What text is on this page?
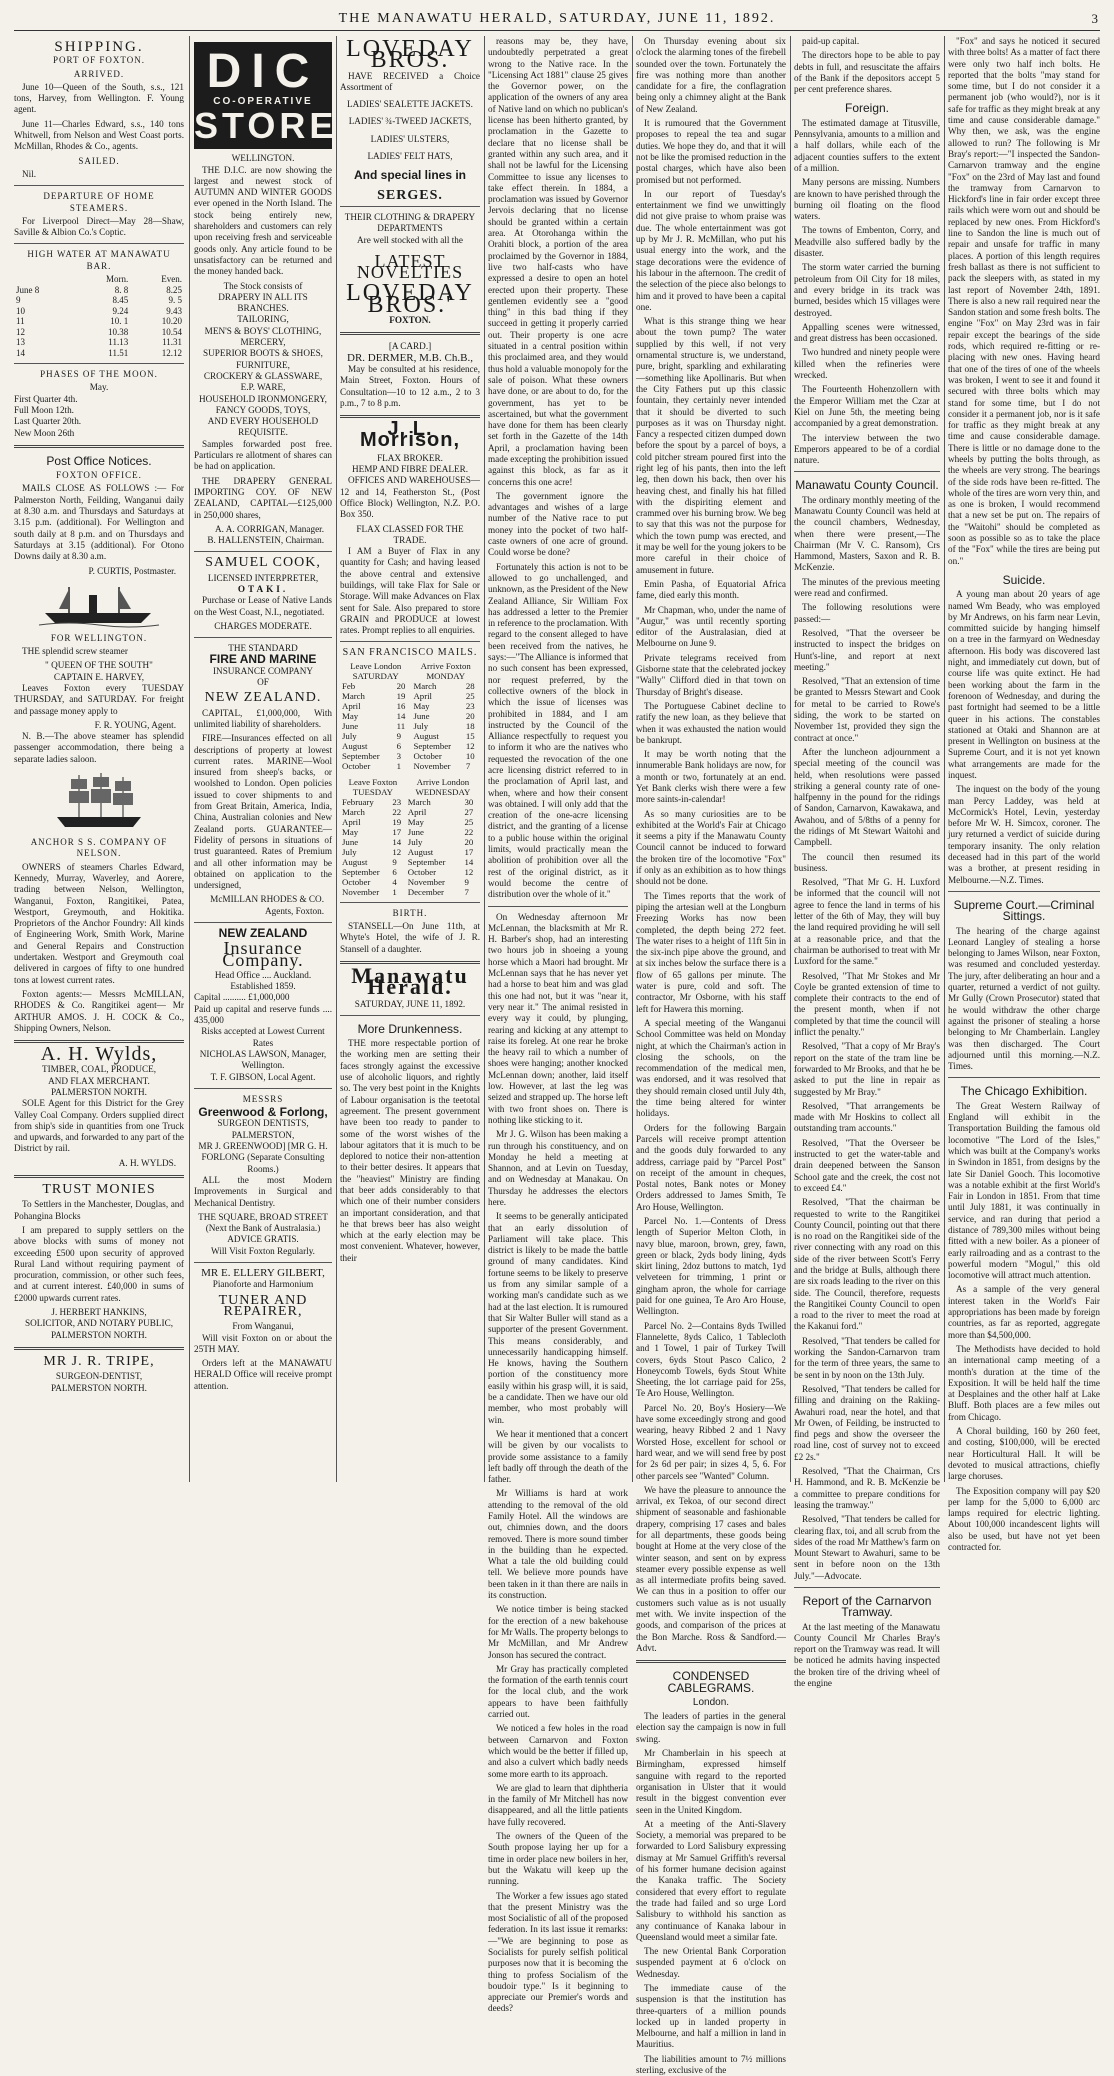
THE MANAWATU HERALD, SATURDAY, JUNE 11, 1892.	3
SHIPPING.
PORT OF FOXTON.
ARRIVED.

June 10—Queen of the South, s.s., 121 tons, Harvey, from Wellington. F. Young agent.

June 11—Charles Edward, s.s., 140 tons Whitwell, from Nelson and West Coast ports. McMillan, Rhodes & Co., agents.

SAILED.

Nil.

DEPARTURE OF HOME STEAMERS.

For Liverpool Direct—May 28—Shaw, Saville & Albion Co.'s Coptic.

HIGH WATER AT MANAWATU BAR.
	Morn.	Even.
June 8	8. 8	8.25
9	8.45	9. 5
10	9.24	9.43
11	10. 1	10.20
12	10.38	10.54
13	11.13	11.31
14	11.51	12.12
PHASES OF THE MOON.
May.
First Quarter 4th.
Full Moon 12th.
Last Quarter 20th.
New Moon 26th
Post Office Notices.
FOXTON OFFICE.

MAILS CLOSE AS FOLLOWS :— For Palmerston North, Feilding, Wanganui daily at 8.30 a.m. and Thursdays and Saturdays at 3.15 p.m. (additional). For Wellington and south daily at 8 p.m. and on Thursdays and Saturdays at 3.15 (additional). For Otono Downs daily at 8.30 a.m.

P. CURTIS, Postmaster.
FOR WELLINGTON.

THE splendid screw steamer

" QUEEN OF THE SOUTH"
CAPTAIN E. HARVEY,

Leaves Foxton every TUESDAY THURSDAY, and SATURDAY. For freight and passage money apply to

F. R. YOUNG, Agent.

N. B.—The above steamer has splendid passenger accommodation, there being a separate ladies saloon.

ANCHOR S S. COMPANY OF NELSON.

OWNERS of steamers Charles Edward, Kennedy, Murray, Waverley, and Aorere, trading between Nelson, Wellington, Wanganui, Foxton, Rangitikei, Patea, Westport, Greymouth, and Hokitika. Proprietors of the Anchor Foundry: All kinds of Engineering Work, Smith Work, Marine and General Repairs and Construction undertaken. Westport and Greymouth coal delivered in cargoes of fifty to one hundred tons at lowest current rates.

Foxton agents:— Messrs McMILLAN, RHODES & Co. Rangitikei agent— Mr ARTHUR AMOS. J. H. COCK & Co., Shipping Owners, Nelson.

A. H. Wylds,
TIMBER, COAL, PRODUCE,
AND FLAX MERCHANT.
PALMERSTON NORTH.

SOLE Agent for this District for the Grey Valley Coal Company. Orders supplied direct from ship's side in quantities from one Truck and upwards, and forwarded to any part of the District by rail.

A. H. WYLDS.
TRUST MONIES

To Settlers in the Manchester, Douglas, and Pohangina Blocks

I am prepared to supply settlers on the above blocks with sums of money not exceeding £500 upon security of approved Rural Land without requiring payment of procuration, commission, or other such fees, and at current interest. £40,000 in sums of £2000 upwards current rates.

J. HERBERT HANKINS,
SOLICITOR, AND NOTARY PUBLIC, PALMERSTON NORTH.
MR J. R. TRIPE,
SURGEON-DENTIST,
PALMERSTON NORTH.
DIC
CO-OPERATIVE
STORES
WELLINGTON.

THE D.I.C. are now showing the largest and newest stock of AUTUMN AND WINTER GOODS ever opened in the North Island. The stock being entirely new, shareholders and customers can rely upon receiving fresh and serviceable goods only. Any article found to be unsatisfactory can be returned and the money handed back.

The Stock consists of
DRAPERY IN ALL ITS BRANCHES.
TAILORING,
MEN'S & BOYS' CLOTHING,
MERCERY,
SUPERIOR BOOTS & SHOES,
FURNITURE,
CROCKERY & GLASSWARE,
E.P. WARE,
HOUSEHOLD IRONMONGERY,
FANCY GOODS, TOYS,
AND EVERY HOUSEHOLD REQUISITE.

Samples forwarded post free. Particulars re allotment of shares can be had on application.

THE DRAPERY GENERAL IMPORTING COY. OF NEW ZEALAND, CAPITAL—£125,000 in 250,000 shares,

A. A. CORRIGAN, Manager.
B. HALLENSTEIN, Chairman.
SAMUEL COOK,
LICENSED INTERPRETER,
OTAKI.

Purchase or Lease of Native Lands on the West Coast, N.I., negotiated.

CHARGES MODERATE.
THE STANDARD
FIRE AND MARINE
INSURANCE COMPANY
OF
NEW ZEALAND.

CAPITAL, £1,000,000, With unlimited liability of shareholders.

FIRE—Insurances effected on all descriptions of property at lowest current rates. MARINE—Wool insured from sheep's backs, or woolshed to London. Open policies issued to cover shipments to and from Great Britain, America, India, China, Australian colonies and New Zealand ports. GUARANTEE—Fidelity of persons in situations of trust guaranteed. Rates of Premium and all other information may be obtained on application to the undersigned,

McMILLAN RHODES & CO. Agents, Foxton.
NEW ZEALAND
Insurance Company.
Head Office .... Auckland.
Established 1859.
Capital .......... £1,000,000
Paid up capital and reserve funds .... 435,000
Risks accepted at Lowest Current Rates
NICHOLAS LAWSON, Manager, Wellington.
T. F. GIBSON, Local Agent.
MESSRS
Greenwood & Forlong,
SURGEON DENTISTS,
PALMERSTON,
MR J. GREENWOOD] [MR G. H. FORLONG (Separate Consulting Rooms.)

ALL the most Modern Improvements in Surgical and Mechanical Dentistry.

THE SQUARE, BROAD STREET (Next the Bank of Australasia.)
ADVICE GRATIS.
Will Visit Foxton Regularly.
MR E. ELLERY GILBERT,
Pianoforte and Harmonium
TUNER AND REPAIRER,
From Wanganui,

Will visit Foxton on or about the 25TH MAY.

Orders left at the MANAWATU HERALD Office will receive prompt attention.

LOVEDAY BROS.

HAVE RECEIVED a Choice Assortment of

LADIES' SEALETTE JACKETS.
LADIES' ¾-TWEED JACKETS,
LADIES' ULSTERS,
LADIES' FELT HATS,
And special lines in
SERGES.
THEIR CLOTHING & DRAPERY DEPARTMENTS
Are well stocked with all the
LATEST NOVELTIES
LOVEDAY BROS.'
FOXTON.
[A CARD.]
DR. DERMER, M.B. Ch.B.,

May be consulted at his residence, Main Street, Foxton. Hours of Consultation—10 to 12 a.m., 2 to 3 p.m., 7 to 8 p.m.

J. L. Morrison,
FLAX BROKER.
HEMP AND FIBRE DEALER.

OFFICES AND WAREHOUSES— 12 and 14, Featherston St., (Post Office Block) Wellington, N.Z. P.O. Box 350.

FLAX CLASSED FOR THE TRADE.

I AM a Buyer of Flax in any quantity for Cash; and having leased the above central and extensive buildings, will take Flax for Sale or Storage. Will make Advances on Flax sent for Sale. Also prepared to store GRAIN and PRODUCE at lowest rates. Prompt replies to all enquiries.

SAN FRANCISCO MAILS.
Leave London SATURDAY		Arrive Foxton MONDAY	
Feb	20	March	28
March	19	April	25
April	16	May	23
May	14	June	20
June	11	July	18
July	9	August	15
August	6	September	12
September	3	October	10
October	1	November	7
Leave Foxton TUESDAY		Arrive London WEDNESDAY	
February	23	March	30
March	22	April	27
April	19	May	25
May	17	June	22
June	14	July	20
July	12	August	17
August	9	September	14
September	6	October	12
October	4	November	9
November	1	December	7
BIRTH.

STANSELL—On June 11th, at Whyte's Hotel, the wife of J. R. Stansell of a daughter.

Manawatu Herald.
SATURDAY, JUNE 11, 1892.
More Drunkenness.

THE more respectable portion of the working men are setting their faces strongly against the excessive use of alcoholic liquors, and rightly so. The very best point in the Knights of Labour organisation is the teetotal agreement. The present government have been too ready to pander to some of the worst wishes of the labour agitators that it is much to be deplored to notice their non-attention to their better desires. It appears that the "heaviest" Ministry are finding that beer adds considerably to that which one of their number considers an important consideration, and that he that brews beer has also weight which at the early election may be most convenient. Whatever, however, their

reasons may be, they have, undoubtedly perpetrated a great wrong to the Native race. In the "Licensing Act 1881" clause 25 gives the Governor power, on the application of the owners of any area of Native land on which no publican's license has been hitherto granted, by proclamation in the Gazette to declare that no license shall be granted within any such area, and it shall not be lawful for the Licensing Committee to issue any licenses to take effect therein. In 1884, a proclamation was issued by Governor Jervois declaring that no license should be granted within a certain area. At Otorohanga within the Orahiti block, a portion of the area proclaimed by the Governor in 1884, live two half-casts who have expressed a desire to open an hotel erected upon their property. These gentlemen evidently see a "good thing" in this bad thing if they succeed in getting it properly carried out. Their property is one acre situated in a central position within this proclaimed area, and they would thus hold a valuable monopoly for the sale of poison. What these owners have done, or are about to do, for the government, has yet to be ascertained, but what the government have done for them has been clearly set forth in the Gazette of the 14th April, a proclamation having been made excepting the prohibition issued against this block, as far as it concerns this one acre!

The government ignore the advantages and wishes of a large number of the Native race to put money into the pocket of two half-caste owners of one acre of ground. Could worse be done?

Fortunately this action is not to be allowed to go unchallenged, and unknown, as the President of the New Zealand Alliance, Sir William Fox has addressed a letter to the Premier in reference to the proclamation. With regard to the consent alleged to have been received from the natives, he says:—"The Alliance is informed that no such consent has been expressed, nor request preferred, by the collective owners of the block in which the issue of licenses was prohibited in 1884, and I am instructed by the Council of the Alliance respectfully to request you to inform it who are the natives who requested the revocation of the one acre licensing district referred to in the proclamation of April last, and when, where and how their consent was obtained. I will only add that the creation of the one-acre licensing district, and the granting of a license to a public house within the original limits, would practically mean the abolition of prohibition over all the rest of the original district, as it would become the centre of distribution over the whole of it."

On Wednesday afternoon Mr McLennan, the blacksmith at Mr R. H. Barber's shop, had an interesting two hours job in shoeing a young horse which a Maori had brought. Mr McLennan says that he has never yet had a horse to beat him and was glad this one had not, but it was "near it, very near it." The animal resisted in every way it could, by plunging, rearing and kicking at any attempt to raise its foreleg. At one rear he broke the heavy rail to which a number of shoes were hanging; another knocked McLennan down; another, laid itself low. However, at last the leg was seized and strapped up. The horse left with two front shoes on. There is nothing like sticking to it.

Mr J. G. Wilson has been making a run through his constituency, and on Monday he held a meeting at Shannon, and at Levin on Tuesday, and on Wednesday at Manakau. On Thursday he addresses the electors here.

It seems to be generally anticipated that an early dissolution of Parliament will take place. This district is likely to be made the battle ground of many candidates. Kind fortune seems to be likely to preserve us from any similar sample of a working man's candidate such as we had at the last election. It is rumoured that Sir Walter Buller will stand as a supporter of the present Government. This means considerably, and unnecessarily handicapping himself. He knows, having the Southern portion of the constituency more easily within his grasp will, it is said, be a candidate. Then we have our old member, who most probably will win.

We hear it mentioned that a concert will be given by our vocalists to provide some assistance to a family left badly off through the death of the father.

Mr Williams is hard at work attending to the removal of the old Family Hotel. All the windows are out, chimnies down, and the doors removed. There is more sound timber in the building than he expected. What a tale the old building could tell. We believe more pounds have been taken in it than there are nails in its construction.

We notice timber is being stacked for the erection of a new bakehouse for Mr Walls. The property belongs to Mr McMillan, and Mr Andrew Jonson has secured the contract.

Mr Gray has practically completed the formation of the earth tennis court for the local club, and the work appears to have been faithfully carried out.

We noticed a few holes in the road between Carnarvon and Foxton which would be the better if filled up, and also a culvert which badly needs some more earth to its approach.

We are glad to learn that diphtheria in the family of Mr Mitchell has now disappeared, and all the little patients have fully recovered.

The owners of the Queen of the South propose laying her up for a time in order place new boilers in her, but the Wakatu will keep up the running.

The Worker a few issues ago stated that the present Ministry was the most Socialistic of all of the proposed federation. In its last issue it remarks:—"We are beginning to pose as Socialists for purely selfish political purposes now that it is becoming the thing to profess Socialism of the boudoir type." Is it beginning to appreciate our Premier's words and deeds?

On Thursday evening about six o'clock the alarming tones of the firebell sounded over the town. Fortunately the fire was nothing more than another candidate for a fire, the conflagration being only a chimney alight at the Bank of New Zealand.

It is rumoured that the Government proposes to repeal the tea and sugar duties. We hope they do, and that it will not be like the promised reduction in the postal charges, which have also been promised but not performed.

In our report of Tuesday's entertainment we find we unwittingly did not give praise to whom praise was due. The whole entertainment was got up by Mr J. R. McMillan, who put his usual energy into the work, and the stage decorations were the evidence of his labour in the afternoon. The credit of the selection of the piece also belongs to him and it proved to have been a capital one.

What is this strange thing we hear about the town pump? The water supplied by this well, if not very ornamental structure is, we understand, pure, bright, sparkling and exhilarating—something like Apollinaris. But when the City Fathers put up this classic fountain, they certainly never intended that it should be diverted to such purposes as it was on Thursday night. Fancy a respected citizen dumped down before the spout by a parcel of boys, a cold pitcher stream poured first into the right leg of his pants, then into the left leg, then down his back, then over his heaving chest, and finally his hat filled with the dispiriting element and crammed over his burning brow. We beg to say that this was not the purpose for which the town pump was erected, and it may be well for the young jokers to be more careful in their choice of amusement in future.

Emin Pasha, of Equatorial Africa fame, died early this month.

Mr Chapman, who, under the name of "Augur," was until recently sporting editor of the Australasian, died at Melbourne on June 9.

Private telegrams received from Gisborne state that the celebrated jockey "Wally" Clifford died in that town on Thursday of Bright's disease.

The Portuguese Cabinet decline to ratify the new loan, as they believe that when it was exhausted the nation would be bankrupt.

It may be worth noting that the innumerable Bank holidays are now, for a month or two, fortunately at an end. Yet Bank clerks wish there were a few more saints-in-calendar!

As so many curiosities are to be exhibited at the World's Fair at Chicago it seems a pity if the Manawatu County Council cannot be induced to forward the broken tire of the locomotive "Fox" if only as an exhibition as to how things should not be done.

The Times reports that the work of piping the artesian well at the Longburn Freezing Works has now been completed, the depth being 272 feet. The water rises to a height of 11ft 5in in the six-inch pipe above the ground, and at six inches below the surface there is a flow of 65 gallons per minute. The water is pure, cold and soft. The contractor, Mr Osborne, with his staff left for Hawera this morning.

A special meeting of the Wanganui School Committee was held on Monday night, at which the Chairman's action in closing the schools, on the recommendation of the medical men, was endorsed, and it was resolved that they should remain closed until July 4th, the time being altered for winter holidays.

Orders for the following Bargain Parcels will receive prompt attention and the goods duly forwarded to any address, carriage paid by "Parcel Post" on receipt of the amount in cheques, Postal notes, Bank notes or Money Orders addressed to James Smith, Te Aro House, Wellington.

Parcel No. 1.—Contents of Dress length of Superior Melton Cloth, in navy blue, maroon, brown, grey, fawn, green or black, 2yds body lining, 4yds skirt lining, 2doz buttons to match, 1yd velveteen for trimming, 1 print or gingham apron, the whole for carriage paid for one guinea, Te Aro Aro House, Wellington.

Parcel No. 2—Contains 8yds Twilled Flannelette, 8yds Calico, 1 Tablecloth and 1 Towel, 1 pair of Turkey Twill covers, 6yds Stout Pasco Calico, 2 Honeycomb Towels, 6yds Stout White Sheeting, the lot carriage paid for 25s, Te Aro House, Wellington.

Parcel No. 20, Boy's Hosiery—We have some exceedingly strong and good wearing, heavy Ribbed 2 and 1 Navy Worsted Hose, excellent for school or hard wear, and we will send free by post for 2s 6d per pair; in sizes 4, 5, 6. For other parcels see "Wanted" Column.

We have the pleasure to announce the arrival, ex Tekoa, of our second direct shipment of seasonable and fashionable drapery, comprising 17 cases and bales for all departments, these goods being bought at Home at the very close of the winter season, and sent on by express steamer every possible expense as well as all intermediate profits being saved. We can thus in a position to offer our customers such value as is not usually met with. We invite inspection of the goods, and comparison of the prices at the Bon Marche. Ross & Sandford.—Advt.

CONDENSED CABLEGRAMS.
London.

The leaders of parties in the general election say the campaign is now in full swing.

Mr Chamberlain in his speech at Birmingham, expressed himself sanguine with regard to the reported organisation in Ulster that it would result in the biggest convention ever seen in the United Kingdom.

At a meeting of the Anti-Slavery Society, a memorial was prepared to be forwarded to Lord Salisbury expressing dismay at Mr Samuel Griffith's reversal of his former humane decision against the Kanaka traffic. The Society considered that every effort to regulate the trade had failed and so urge Lord Salisbury to withhold his sanction as any continuance of Kanaka labour in Queensland would meet a similar fate.

The new Oriental Bank Corporation suspended payment at 6 o'clock on Wednesday.

The immediate cause of the suspension is that the institution has three-quarters of a million pounds locked up in landed property in Melbourne, and half a million in land in Mauritius.

The liabilities amount to 7½ millions sterling, exclusive of the

paid-up capital.

The directors hope to be able to pay debts in full, and resuscitate the affairs of the Bank if the depositors accept 5 per cent preference shares.

Foreign.

The estimated damage at Titusville, Pennsylvania, amounts to a million and a half dollars, while each of the adjacent counties suffers to the extent of a million.

Many persons are missing. Numbers are known to have perished through the burning oil floating on the flood waters.

The towns of Embenton, Corry, and Meadville also suffered badly by the disaster.

The storm water carried the burning petroleum from Oil City for 18 miles, and every bridge in its track was burned, besides which 15 villages were destroyed.

Appalling scenes were witnessed, and great distress has been occasioned.

Two hundred and ninety people were killed when the refineries were wrecked.

The Fourteenth Hohenzollern with the Emperor William met the Czar at Kiel on June 5th, the meeting being accompanied by a great demonstration.

The interview between the two Emperors appeared to be of a cordial nature.

Manawatu County Council.

The ordinary monthly meeting of the Manawatu County Council was held at the council chambers, Wednesday, when there were present,—The Chairman (Mr V. C. Ransom), Crs Hammond, Masters, Saxon and R. B. McKenzie.

The minutes of the previous meeting were read and confirmed.

The following resolutions were passed:—

Resolved, "That the overseer be instructed to inspect the bridges on Hunt's-line, and report at next meeting."

Resolved, "That an extension of time be granted to Messrs Stewart and Cook for metal to be carried to Rowe's siding, the work to be started on November 1st, provided they sign the contract at once."

After the luncheon adjournment a special meeting of the council was held, when resolutions were passed striking a general county rate of one-halfpenny in the pound for the ridings of Sandon, Carnarvon, Kawakawa, and Awahou, and of 5/8ths of a penny for the ridings of Mt Stewart Waitohi and Campbell.

The council then resumed its business.

Resolved, "That Mr G. H. Luxford be informed that the council will not agree to fence the land in terms of his letter of the 6th of May, they will buy the land required providing he will sell at a reasonable price, and that the chairman be authorised to treat with Mr Luxford for the same."

Resolved, "That Mr Stokes and Mr Coyle be granted extension of time to complete their contracts to the end of the present month, when if not completed by that time the council will inflict the penalty."

Resolved, "That a copy of Mr Bray's report on the state of the tram line be forwarded to Mr Brooks, and that he be asked to put the line in repair as suggested by Mr Bray."

Resolved, "That arrangements be made with Mr Hoskins to collect all outstanding tram accounts."

Resolved, "That the Overseer be instructed to get the water-table and drain deepened between the Sanson School gate and the creek, the cost not to exceed £4."

Resolved, "That the chairman be requested to write to the Rangitikei County Council, pointing out that there is no road on the Rangitikei side of the river connecting with any road on this side of the river between Scott's Ferry and the bridge at Bulls, although there are six roads leading to the river on this side. The Council, therefore, requests the Rangitikei County Council to open a road to the river to meet the road at the Kakanui ford."

Resolved, "That tenders be called for working the Sandon-Carnarvon tram for the term of three years, the same to be sent in by noon on the 13th July.

Resolved, "That tenders be called for filling and draining on the Rakiing-Awahuri road, near the hotel, and that Mr Owen, of Feilding, be instructed to find pegs and show the overseer the road line, cost of survey not to exceed £2 2s."

Resolved, "That the Chairman, Crs H. Hammond, and R. B. McKenzie be a committee to prepare conditions for leasing the tramway."

Resolved, "That tenders be called for clearing flax, toi, and all scrub from the sides of the road Mr Matthew's farm on Mount Stewart to Awahuri, same to be sent in before noon on the 13th July."—Advocate.

Report of the Carnarvon Tramway.

At the last meeting of the Manawatu County Council Mr Charles Bray's report on the Tramway was read. It will be noticed he admits having inspected the broken tire of the driving wheel of the engine

"Fox" and says he noticed it secured with three bolts! As a matter of fact there were only two half inch bolts. He reported that the bolts "may stand for some time, but I do not consider it a permanent job (who would?), nor is it safe for traffic as they might break at any time and cause considerable damage." Why then, we ask, was the engine allowed to run? The following is Mr Bray's report:—"I inspected the Sandon-Carnarvon tramway and the engine "Fox" on the 23rd of May last and found the tramway from Carnarvon to Hickford's line in fair order except three rails which were worn out and should be replaced by new ones. From Hickford's line to Sandon the line is much out of repair and unsafe for traffic in many places. A portion of this length requires fresh ballast as there is not sufficient to pack the sleepers with, as stated in my last report of November 24th, 1891. There is also a new rail required near the Sandon station and some fresh bolts. The engine "Fox" on May 23rd was in fair repair except the bearings of the side rods, which required re-fitting or re-placing with new ones. Having heard that one of the tires of one of the wheels was broken, I went to see it and found it secured with three bolts which may stand for some time, but I do not consider it a permanent job, nor is it safe for traffic as they might break at any time and cause considerable damage. There is little or no damage done to the wheels by putting the bolts through, as the wheels are very strong. The bearings of the side rods have been re-fitted. The whole of the tires are worn very thin, and as one is broken, I would recommend that a new set be put on. The repairs of the "Waitohi" should be completed as soon as possible so as to take the place of the "Fox" while the tires are being put on."

Suicide.

A young man about 20 years of age named Wm Beady, who was employed by Mr Andrews, on his farm near Levin, committed suicide by hanging himself on a tree in the farmyard on Wednesday afternoon. His body was discovered last night, and immediately cut down, but of course life was quite extinct. He had been working about the farm in the forenoon of Wednesday, and during the past fortnight had seemed to be a little queer in his actions. The constables stationed at Otaki and Shannon are at present in Wellington on business at the Supreme Court, and it is not yet known what arrangements are made for the inquest.

The inquest on the body of the young man Percy Laddey, was held at McCormick's Hotel, Levin, yesterday before Mr W. H. Simcox, coroner. The jury returned a verdict of suicide during temporary insanity. The only relation deceased had in this part of the world was a brother, at present residing in Melbourne.—N.Z. Times.

Supreme Court.—Criminal Sittings.

The hearing of the charge against Leonard Langley of stealing a horse belonging to James Wilson, near Foxton, was resumed and concluded yesterday. The jury, after deliberating an hour and a quarter, returned a verdict of not guilty. Mr Gully (Crown Prosecutor) stated that he would withdraw the other charge against the prisoner of stealing a horse belonging to Mr Chamberlain. Langley was then discharged. The Court adjourned until this morning.—N.Z. Times.

The Chicago Exhibition.

The Great Western Railway of England will exhibit in the Transportation Building the famous old locomotive "The Lord of the Isles," which was built at the Company's works in Swindon in 1851, from designs by the late Sir Daniel Gooch. This locomotive was a notable exhibit at the first World's Fair in London in 1851. From that time until July 1881, it was continually in service, and ran during that period a distance of 789,300 miles without being fitted with a new boiler. As a pioneer of early railroading and as a contrast to the powerful modern "Mogul," this old locomotive will attract much attention.

As a sample of the very general interest taken in the World's Fair appropriations has been made by foreign countries, as far as reported, aggregate more than $4,500,000.

The Methodists have decided to hold an international camp meeting of a month's duration at the time of the Exposition. It will be held half the time at Desplaines and the other half at Lake Bluff. Both places are a few miles out from Chicago.

A Choral building, 160 by 260 feet, and costing, $100,000, will be erected near Horticultural Hall. It will be devoted to musical attractions, chiefly large choruses.

The Exposition company will pay $20 per lamp for the 5,000 to 6,000 arc lamps required for electric lighting. About 100,000 incandescent lights will also be used, but have not yet been contracted for.
